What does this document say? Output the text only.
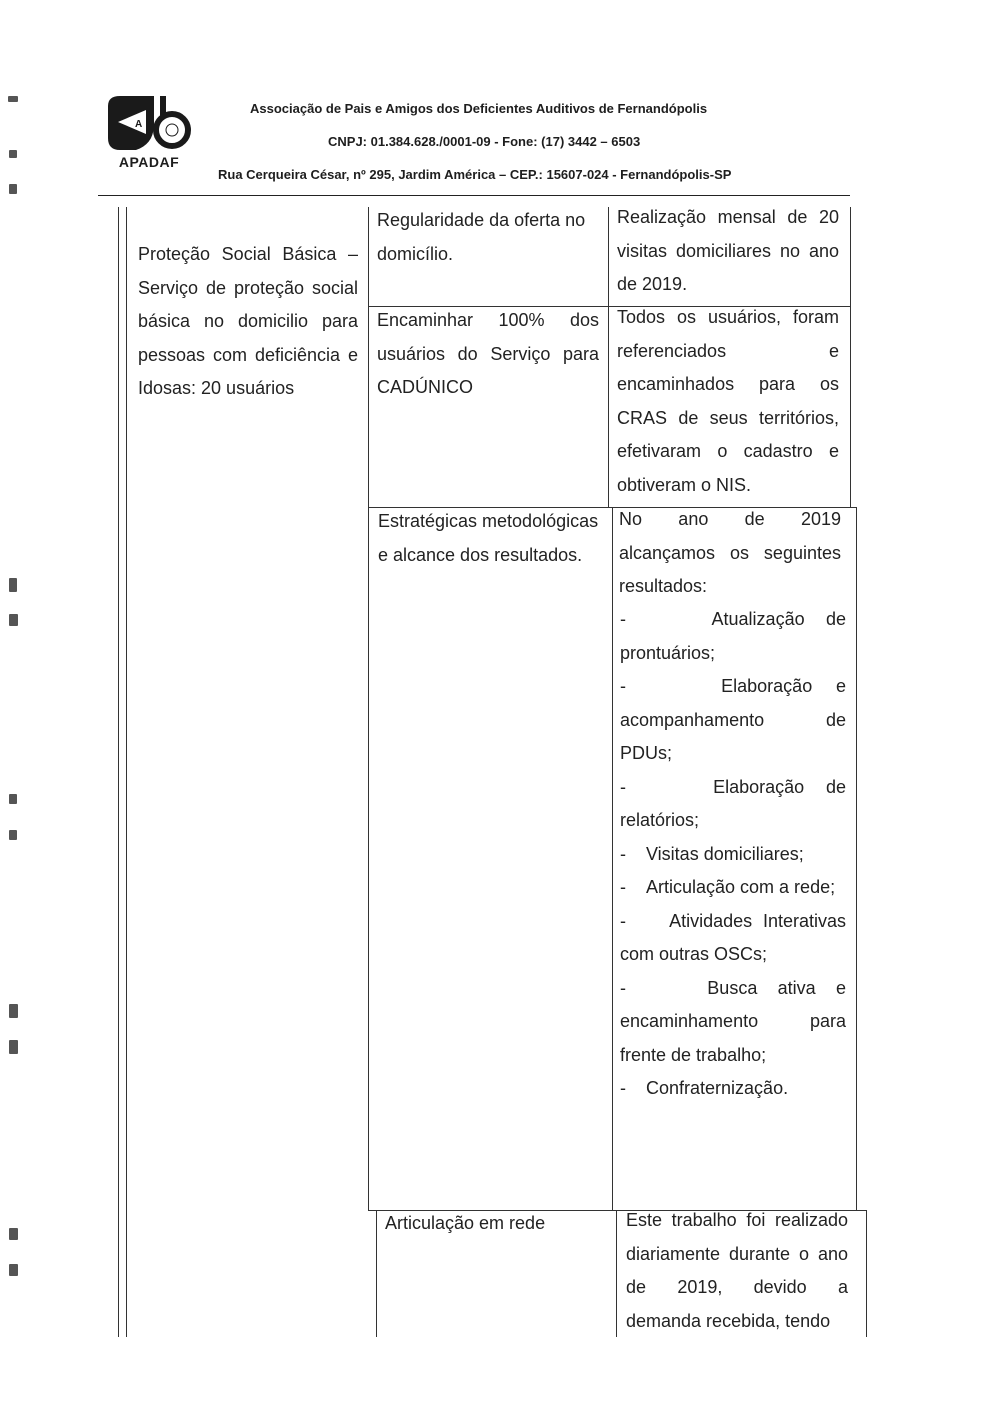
A
APADAF
Associação de Pais e Amigos dos Deficientes Auditivos de Fernandópolis
CNPJ: 01.384.628./0001-09 - Fone: (17) 3442 – 6503
Rua Cerqueira César, nº 295, Jardim América – CEP.: 15607-024 - Fernandópolis-SP
Proteção Social Básica – Serviço de proteção social básica no domicilio para pessoas com deficiência e Idosas: 20 usuários
Regularidade da oferta no domicílio.
Realização mensal de 20 visitas domiciliares no ano de 2019.
Encaminhar 100% dos usuários do Serviço para CADÚNICO
Todos os usuários, foram referenciados e encaminhados para os CRAS de seus territórios, efetivaram o cadastro e obtiveram o NIS.
Estratégicas metodológicas e alcance dos resultados.
No ano de 2019 alcançamos os seguintes resultados:
-    Atualização de prontuários;
-    Elaboração e acompanhamento de PDUs;
-    Elaboração de relatórios;
-    Visitas domiciliares;
-    Articulação com a rede;
-    Atividades Interativas com outras OSCs;
-    Busca ativa e encaminhamento para frente de trabalho;
-    Confraternização.
Articulação em rede	Este trabalho foi realizado diariamente durante o ano de 2019, devido a demanda recebida, tendo
